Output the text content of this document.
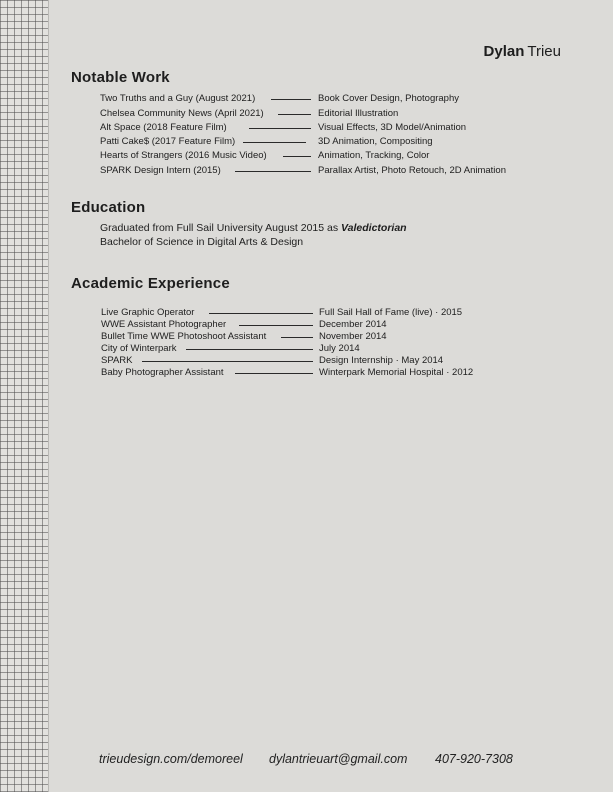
Dylan Trieu
Notable Work
Two Truths and a Guy (August 2021)	Book Cover Design, Photography
Chelsea Community News (April 2021)	Editorial Illustration
Alt Space (2018 Feature Film)	Visual Effects, 3D Model/Animation
Patti Cake$ (2017 Feature Film)	3D Animation, Compositing
Hearts of Strangers (2016 Music Video)	Animation, Tracking, Color
SPARK Design Intern (2015)	Parallax Artist, Photo Retouch, 2D Animation
Education
Graduated from Full Sail University August 2015 as Valedictorian
Bachelor of Science in Digital Arts & Design
Academic Experience
Live Graphic Operator	Full Sail Hall of Fame (live) · 2015
WWE Assistant Photographer	December 2014
Bullet Time WWE Photoshoot Assistant	November 2014
City of Winterpark	July 2014
SPARK	Design Internship · May 2014
Baby Photographer Assistant	Winterpark Memorial Hospital · 2012
trieudesign.com/demoreel dylantrieuart@gmail.com 407-920-7308
